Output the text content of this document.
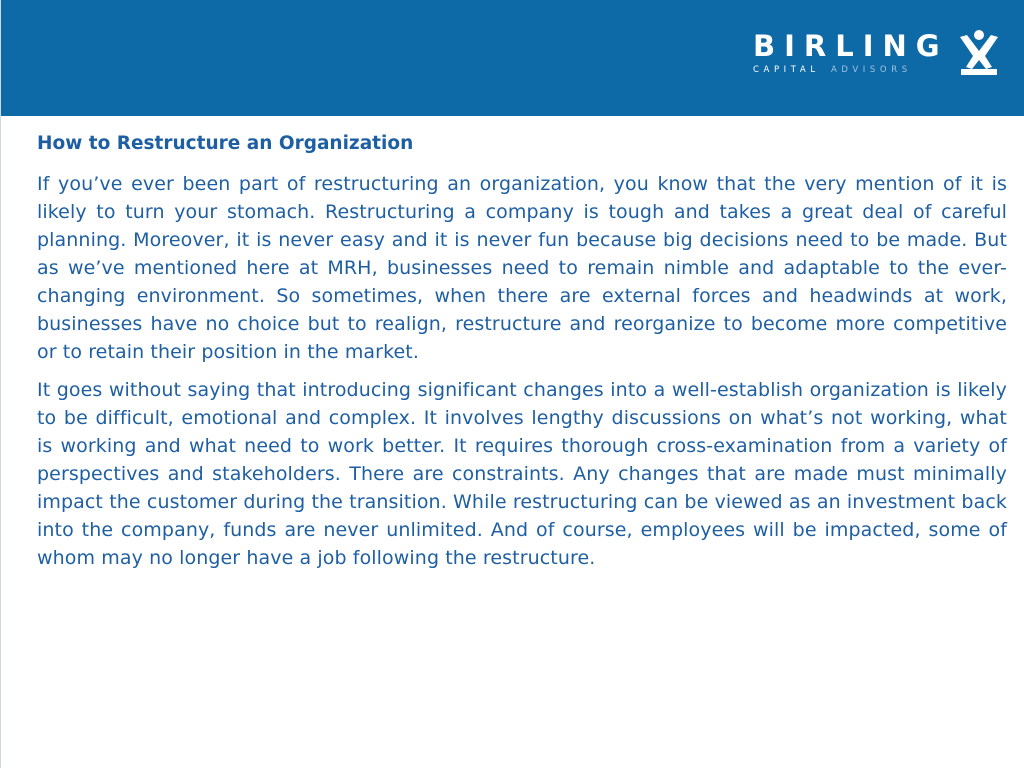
BIRLING
CAPITAL ADVISORS
How to Restructure an Organization

If you’ve ever been part of restructuring an organization, you know that the very mention of it is likely to turn your stomach. Restructuring a company is tough and takes a great deal of careful planning. Moreover, it is never easy and it is never fun because big decisions need to be made. But as we’ve mentioned here at MRH, businesses need to remain nimble and adaptable to the ever-changing environment. So sometimes, when there are external forces and headwinds at work, businesses have no choice but to realign, restructure and reorganize to become more competitive or to retain their position in the market.

It goes without saying that introducing significant changes into a well-establish organization is likely to be difficult, emotional and complex. It involves lengthy discussions on what’s not working, what is working and what need to work better. It requires thorough cross-examination from a variety of perspectives and stakeholders. There are constraints. Any changes that are made must minimally impact the customer during the transition. While restructuring can be viewed as an investment back into the company, funds are never unlimited. And of course, employees will be impacted, some of whom may no longer have a job following the restructure.
